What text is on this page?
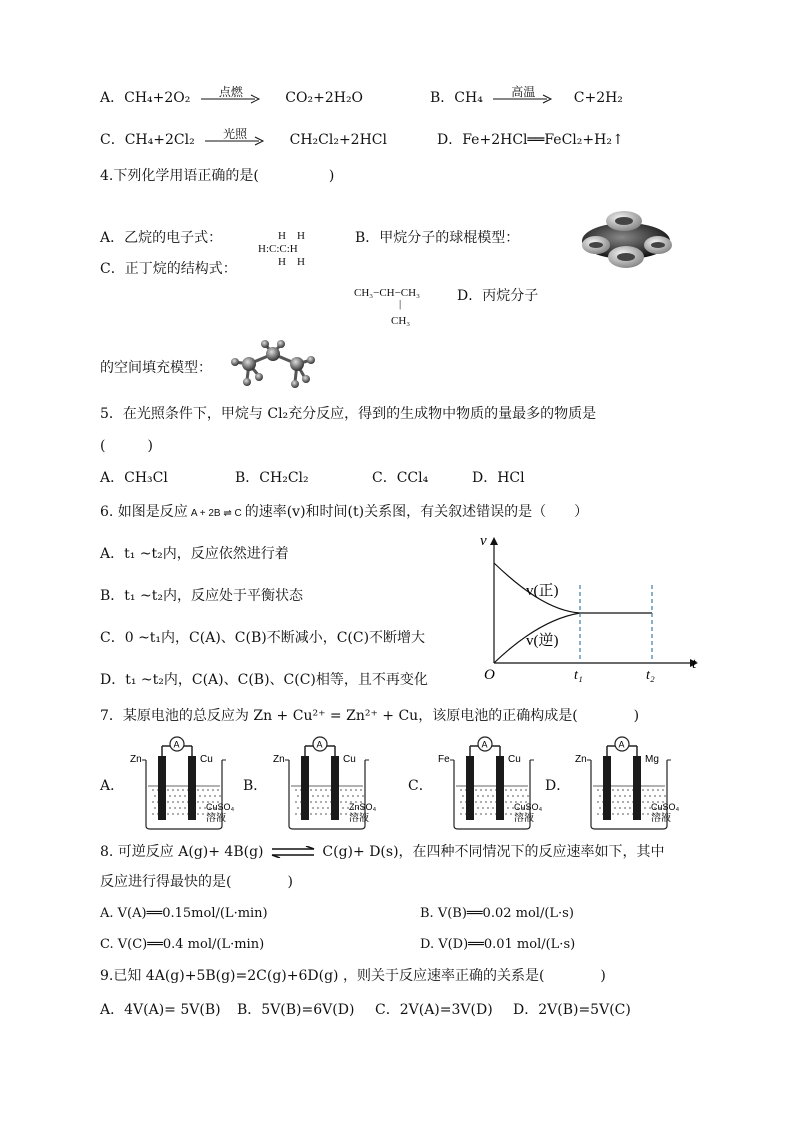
A．CH₄+2O₂	点燃	CO₂+2H₂O	B．CH₄	高温	C+2H₂
C．CH₄+2Cl₂	光照	CH₂Cl₂+2HCl	D．Fe+2HCl══FeCl₂+H₂↑
4.下列化学用语正确的是(　　　　　)
A．乙烷的电子式：	H　H
H:C:C:H
H　H
B．甲烷分子的球棍模型：
C．正丁烷的结构式：
CH₃−CH−CH₃
|
CH₃
D．丙烷分子
的空间填充模型：
5．在光照条件下，甲烷与 Cl₂充分反应，得到的生成物中物质的量最多的物质是
(　　　)
A．CH₃Cl	B．CH₂Cl₂	C．CCl₄	D．HCl
6. 如图是反应 A + 2B ⇌ C 的速率(v)和时间(t)关系图，有关叙述错误的是（　　）
A．t₁ ~t₂内，反应依然进行着
B．t₁ ~t₂内，反应处于平衡状态
C．0 ~t₁内，C(A)、C(B)不断减小，C(C)不断增大
D．t₁ ~t₂内，C(A)、C(B)、C(C)相等，且不再变化
v
t
O
v(正)
v(逆)
t₁	t₂
7．某原电池的总反应为 Zn + Cu²⁺ = Zn²⁺ + Cu，该原电池的正确构成是(　　　　)
A．
A
Zn	Cu
CuSO₄
溶液
B．
A
Zn	Cu
ZnSO₄
溶液
C．
A
Fe	Cu
CuSO₄
溶液
D．
A
Zn	Mg
CuSO₄
溶液
8. 可逆反应 A(g)+ 4B(g) ⇌ C(g)+ D(s)，在四种不同情况下的反应速率如下，其中
反应进行得最快的是(　　　　)
A. V(A)══0.15mol/(L·min)	B. V(B)══0.02 mol/(L·s)
C. V(C)══0.4 mol/(L·min)	D. V(D)══0.01 mol/(L·s)
9.已知 4A(g)+5B(g)=2C(g)+6D(g) ，则关于反应速率正确的关系是(　　　　)
A．4V(A)= 5V(B) B．5V(B)=6V(D) C．2V(A)=3V(D) D．2V(B)=5V(C)
